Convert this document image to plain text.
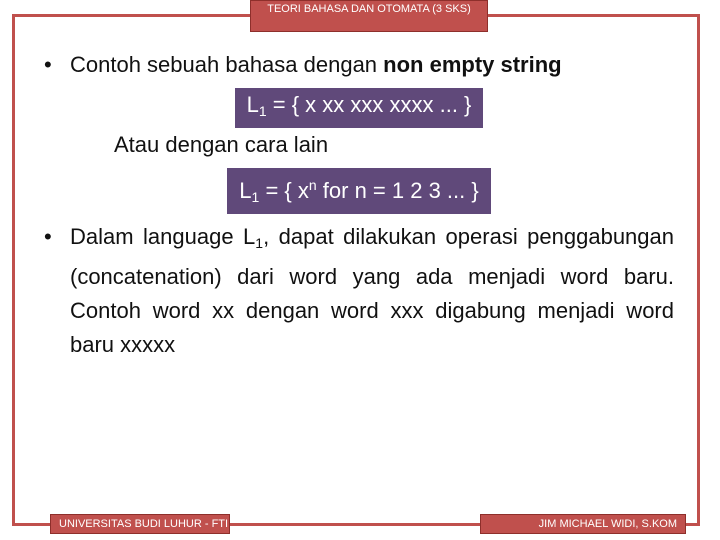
TEORI BAHASA DAN OTOMATA (3 SKS)
• Contoh sebuah bahasa dengan non empty string
$L_1$ = { x xx xxx xxxx ... }
Atau dengan cara lain
$L_1$ = { $x^n$ for n = 1 2 3 ... }
• Dalam language $L_1$, dapat dilakukan operasi penggabungan (concatenation) dari word yang ada menjadi word baru. Contoh word xx dengan word xxx digabung menjadi word baru xxxxx
UNIVERSITAS BUDI LUHUR - FTI	JIM MICHAEL WIDI, S.KOM
